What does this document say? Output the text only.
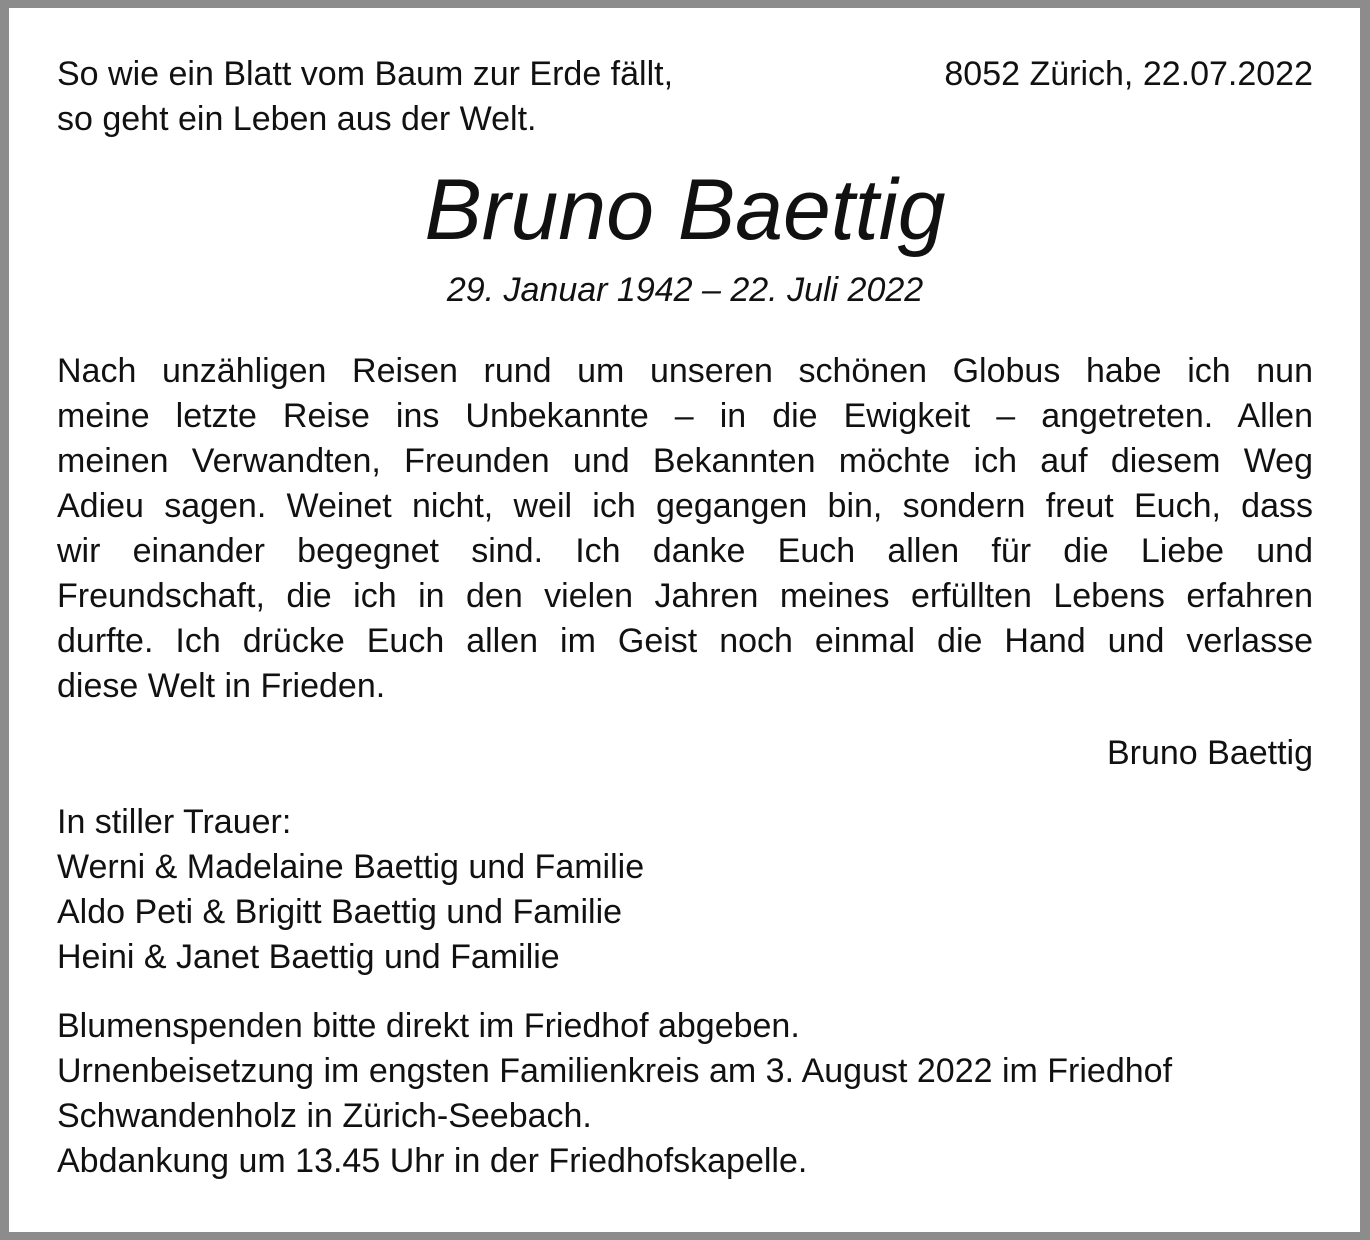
So wie ein Blatt vom Baum zur Erde fällt,
so geht ein Leben aus der Welt.
8052 Zürich, 22.07.2022
Bruno Baettig
29. Januar 1942 – 22. Juli 2022
Nach unzähligen Reisen rund um unseren schönen Globus habe ich nun
meine letzte Reise ins Unbekannte – in die Ewigkeit – angetreten. Allen
meinen Verwandten, Freunden und Bekannten möchte ich auf diesem Weg
Adieu sagen. Weinet nicht, weil ich gegangen bin, sondern freut Euch, dass
wir einander begegnet sind. Ich danke Euch allen für die Liebe und
Freundschaft, die ich in den vielen Jahren meines erfüllten Lebens erfahren
durfte. Ich drücke Euch allen im Geist noch einmal die Hand und verlasse
diese Welt in Frieden.
Bruno Baettig
In stiller Trauer:
Werni & Madelaine Baettig und Familie
Aldo Peti & Brigitt Baettig und Familie
Heini & Janet Baettig und Familie
Blumenspenden bitte direkt im Friedhof abgeben.
Urnenbeisetzung im engsten Familienkreis am 3. August 2022 im Friedhof
Schwandenholz in Zürich-Seebach.
Abdankung um 13.45 Uhr in der Friedhofskapelle.
